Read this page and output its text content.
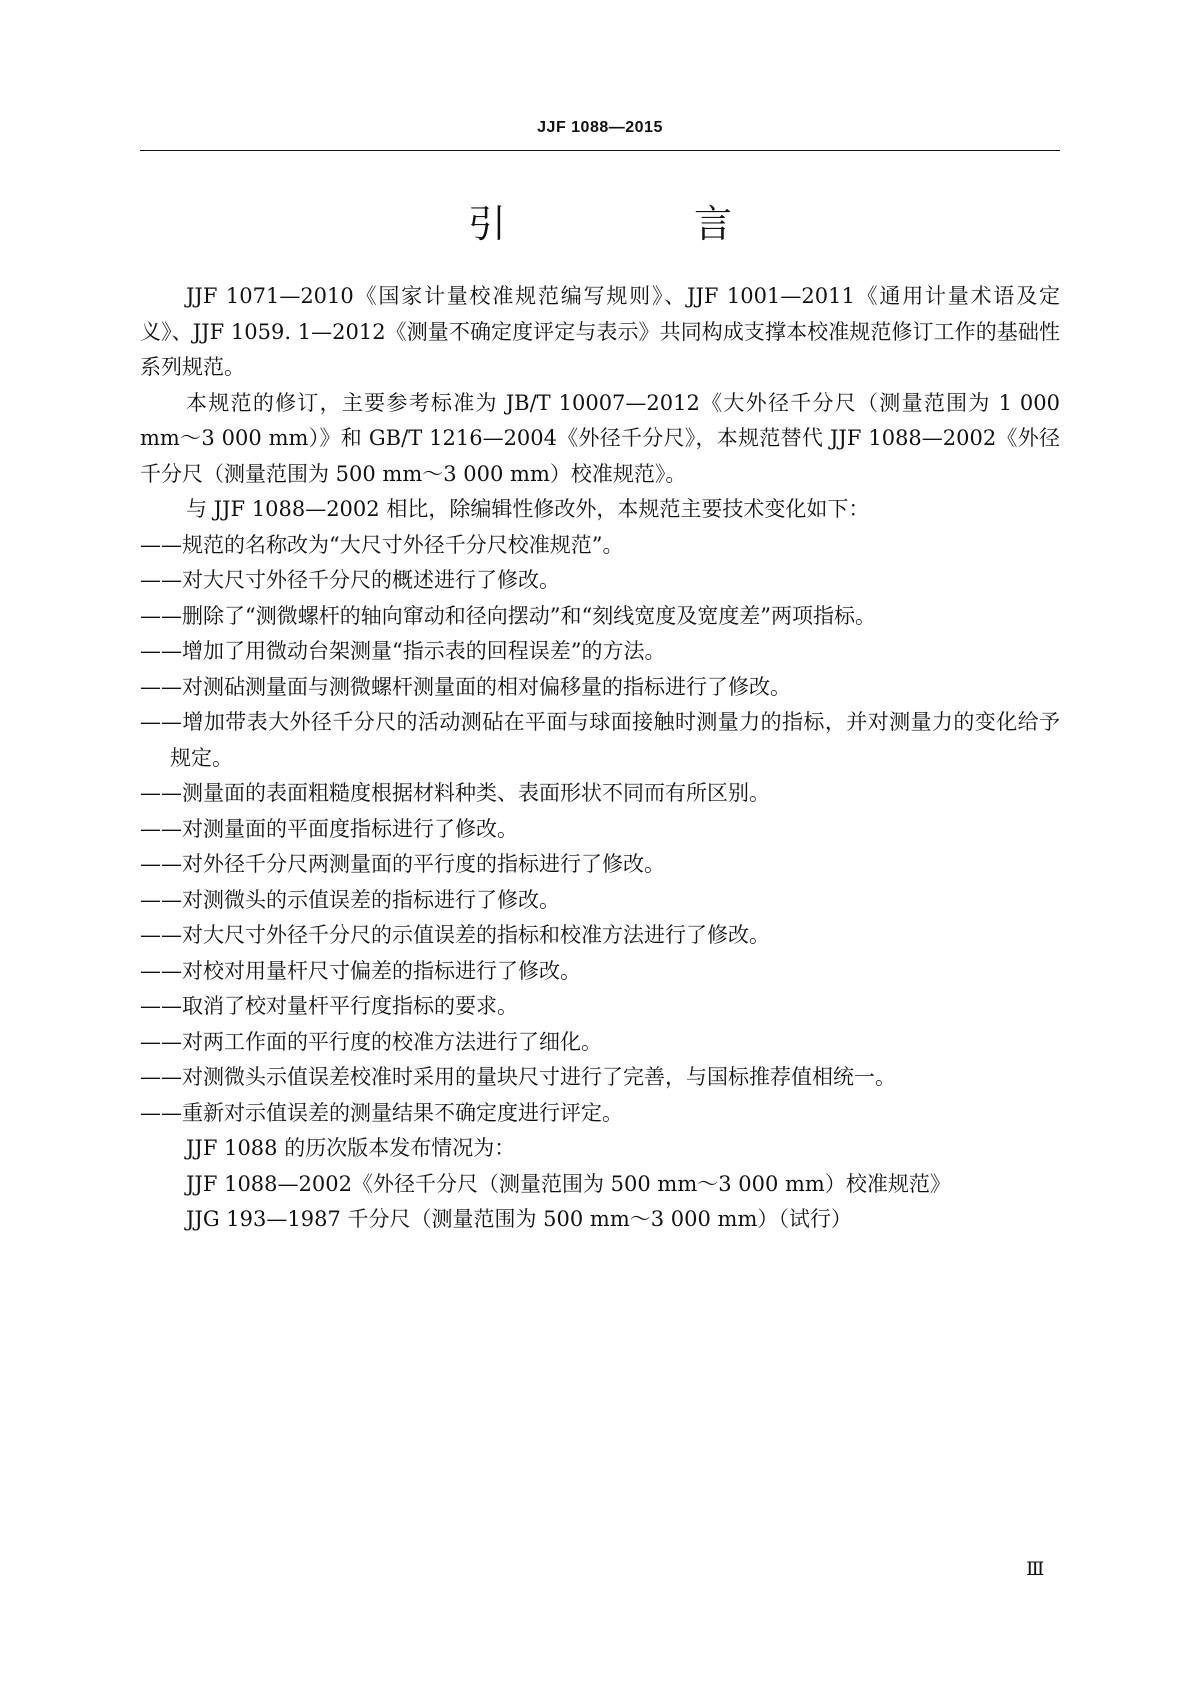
JJF 1088—2015
引 言

JJF 1071—2010《国家计量校准规范编写规则》、JJF 1001—2011《通用计量术语及定义》、JJF 1059. 1—2012《测量不确定度评定与表示》共同构成支撑本校准规范修订工作的基础性系列规范。

本规范的修订，主要参考标准为 JB/T 10007—2012《大外径千分尺（测量范围为 1 000 mm～3 000 mm）》和 GB/T 1216—2004《外径千分尺》，本规范替代 JJF 1088—2002《外径千分尺（测量范围为 500 mm～3 000 mm）校准规范》。

与 JJF 1088—2002 相比，除编辑性修改外，本规范主要技术变化如下：

——规范的名称改为“大尺寸外径千分尺校准规范”。

——对大尺寸外径千分尺的概述进行了修改。

——删除了“测微螺杆的轴向窜动和径向摆动”和“刻线宽度及宽度差”两项指标。

——增加了用微动台架测量“指示表的回程误差”的方法。

——对测砧测量面与测微螺杆测量面的相对偏移量的指标进行了修改。

——增加带表大外径千分尺的活动测砧在平面与球面接触时测量力的指标，并对测量力的变化给予规定。

——测量面的表面粗糙度根据材料种类、表面形状不同而有所区别。

——对测量面的平面度指标进行了修改。

——对外径千分尺两测量面的平行度的指标进行了修改。

——对测微头的示值误差的指标进行了修改。

——对大尺寸外径千分尺的示值误差的指标和校准方法进行了修改。

——对校对用量杆尺寸偏差的指标进行了修改。

——取消了校对量杆平行度指标的要求。

——对两工作面的平行度的校准方法进行了细化。

——对测微头示值误差校准时采用的量块尺寸进行了完善，与国标推荐值相统一。

——重新对示值误差的测量结果不确定度进行评定。

JJF 1088 的历次版本发布情况为：

JJF 1088—2002《外径千分尺（测量范围为 500 mm～3 000 mm）校准规范》

JJG 193—1987 千分尺（测量范围为 500 mm～3 000 mm）（试行）

Ⅲ
